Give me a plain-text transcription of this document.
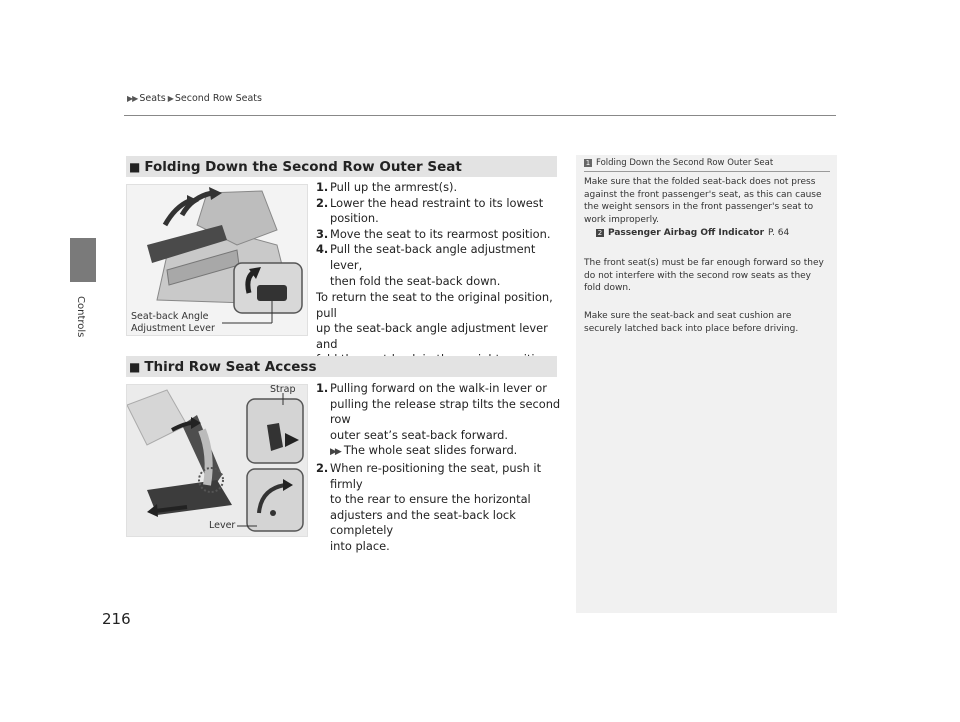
▶▶ Seats ▶ Second Row Seats
Controls
216
■ Folding Down the Second Row Outer Seat
Seat-back Angle
Adjustment Lever
1. Pull up the armrest(s).
2. Lower the head restraint to its lowest
position.
3. Move the seat to its rearmost position.
4. Pull the seat-back angle adjustment lever,
then fold the seat-back down.
To return the seat to the original position, pull
up the seat-back angle adjustment lever and
■ Third Row Seat Access
Strap
Lever
1. Pulling forward on the walk-in lever or
pulling the release strap tilts the second row
outer seat’s seat-back forward.
▶▶ The whole seat slides forward.
2. When re-positioning the seat, push it firmly
to the rear to ensure the horizontal
adjusters and the seat-back lock completely
into place.
1 Folding Down the Second Row Outer Seat
Make sure that the folded seat-back does not press
against the front passenger's seat, as this can cause
the weight sensors in the front passenger's seat to
work improperly.
2 Passenger Airbag Off Indicator P. 64
The front seat(s) must be far enough forward so they
do not interfere with the second row seats as they
fold down.
Make sure the seat-back and seat cushion are
securely latched back into place before driving.
